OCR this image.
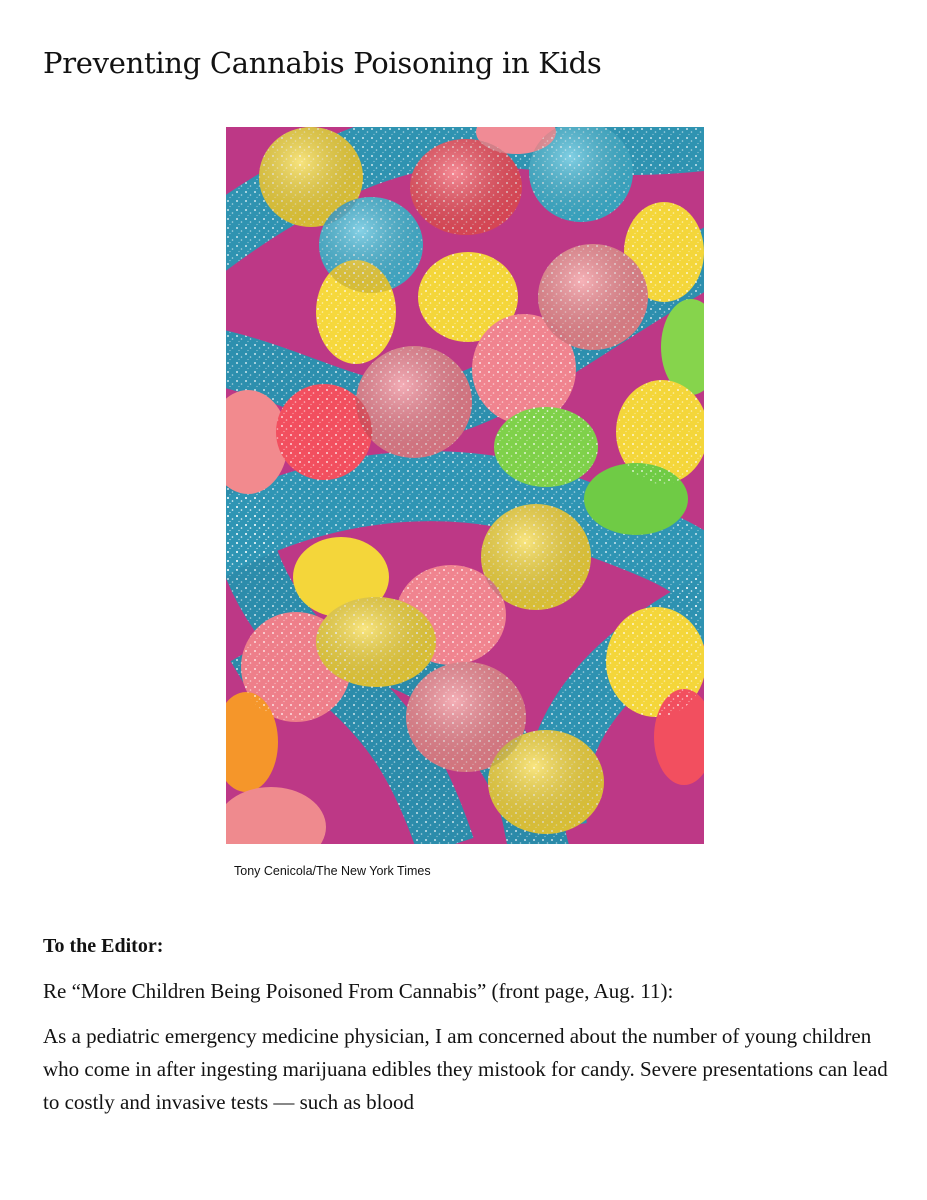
Preventing Cannabis Poisoning in Kids
Tony Cenicola/The New York Times

To the Editor:

Re “More Children Being Poisoned From Cannabis” (front page, Aug. 11):

As a pediatric emergency medicine physician, I am concerned about the number of young children who come in after ingesting marijuana edibles they mistook for candy. Severe presentations can lead to costly and invasive tests — such as blood
